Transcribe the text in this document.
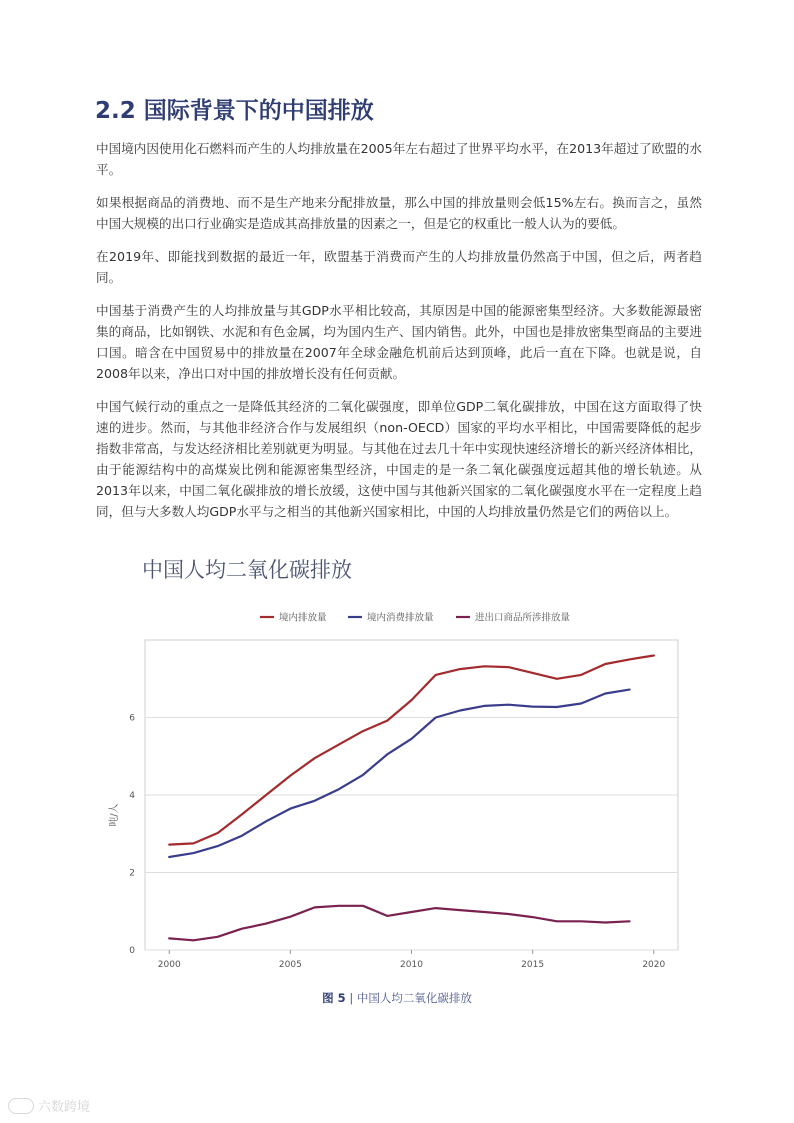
2.2 国际背景下的中国排放

中国境内因使用化石燃料而产生的人均排放量在2005年左右超过了世界平均水平，在2013年超过了欧盟的水平。

如果根据商品的消费地、而不是生产地来分配排放量，那么中国的排放量则会低15%左右。换而言之，虽然中国大规模的出口行业确实是造成其高排放量的因素之一，但是它的权重比一般人认为的要低。

在2019年、即能找到数据的最近一年，欧盟基于消费而产生的人均排放量仍然高于中国，但之后，两者趋同。

中国基于消费产生的人均排放量与其GDP水平相比较高，其原因是中国的能源密集型经济。大多数能源最密集的商品，比如钢铁、水泥和有色金属，均为国内生产、国内销售。此外，中国也是排放密集型商品的主要进口国。暗含在中国贸易中的排放量在2007年全球金融危机前后达到顶峰，此后一直在下降。也就是说，自2008年以来，净出口对中国的排放增长没有任何贡献。

中国气候行动的重点之一是降低其经济的二氧化碳强度，即单位GDP二氧化碳排放，中国在这方面取得了快速的进步。然而，与其他非经济合作与发展组织（non-OECD）国家的平均水平相比，中国需要降低的起步指数非常高，与发达经济相比差别就更为明显。与其他在过去几十年中实现快速经济增长的新兴经济体相比，由于能源结构中的高煤炭比例和能源密集型经济，中国走的是一条二氧化碳强度远超其他的增长轨迹。从2013年以来，中国二氧化碳排放的增长放缓，这使中国与其他新兴国家的二氧化碳强度水平在一定程度上趋同，但与大多数人均GDP水平与之相当的其他新兴国家相比，中国的人均排放量仍然是它们的两倍以上。

中国人均二氧化碳排放
0
2
4
6
2000	2005	2010	2015	2020
吨/人
境内排放量	境内消费排放量	进出口商品所涉排放量
图 5 | 中国人均二氧化碳排放
六数跨境
